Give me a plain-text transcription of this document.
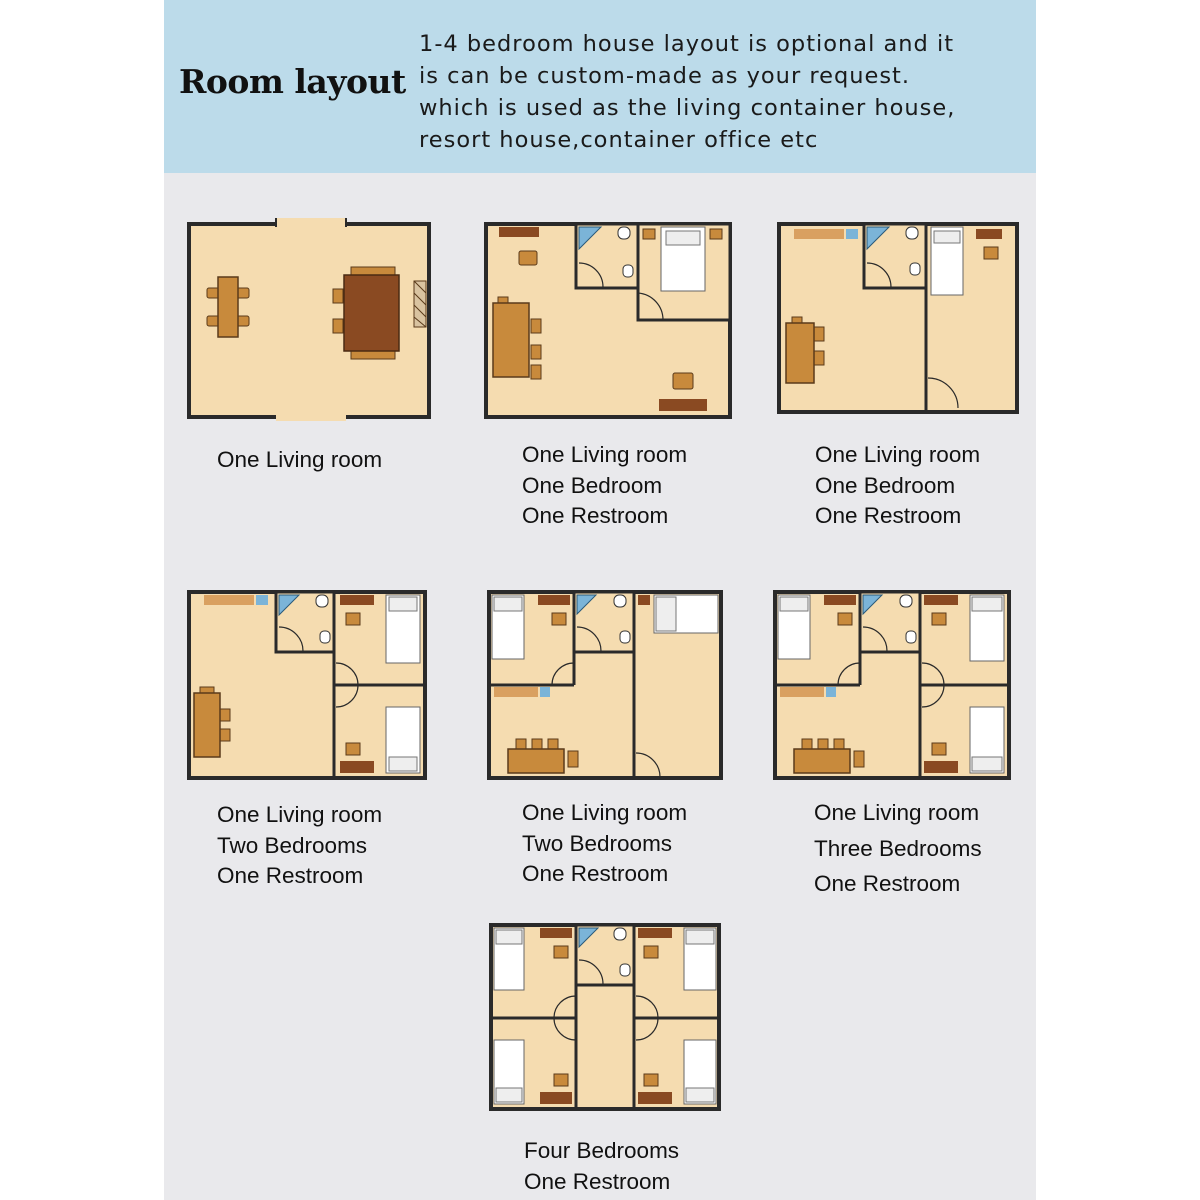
Room layout
1-4 bedroom house layout is optional and it
is can be custom-made as your request.
which is used as the living container house,
resort house,container office etc
One Living room	One Living room
One Bedroom
One Restroom
One Living room
One Bedroom
One Restroom
One Living room
Two Bedrooms
One Restroom
One Living room
Two Bedrooms
One Restroom
One Living room
Three Bedrooms
One Restroom
Four Bedrooms
One Restroom
